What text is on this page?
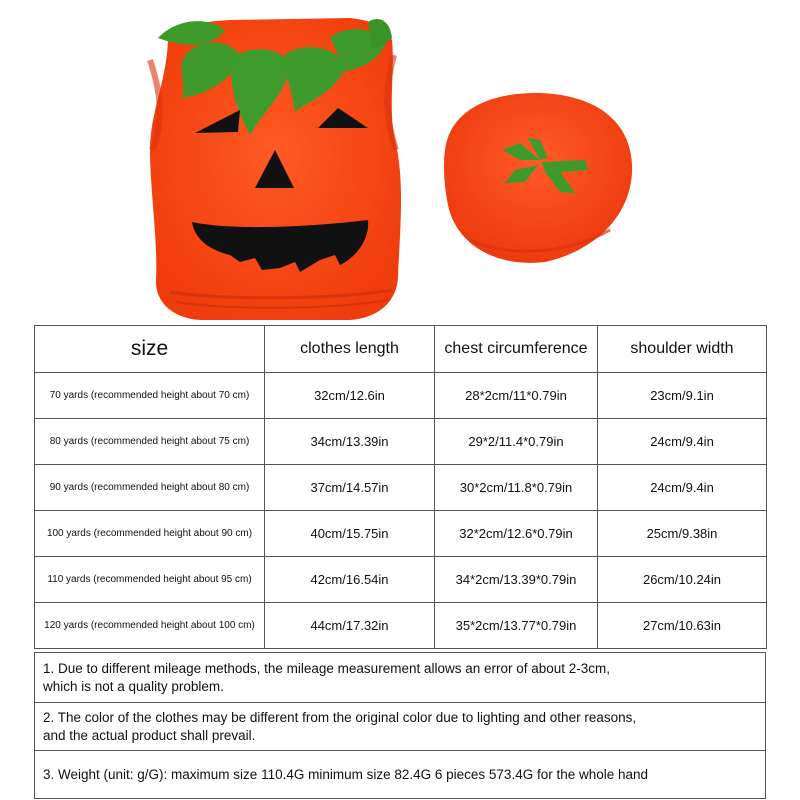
size	clothes length	chest circumference	shoulder width
70 yards (recommended height about 70 cm)	32cm/12.6in	28*2cm/11*0.79in	23cm/9.1in
80 yards (recommended height about 75 cm)	34cm/13.39in	29*2/11.4*0.79in	24cm/9.4in
90 yards (recommended height about 80 cm)	37cm/14.57in	30*2cm/11.8*0.79in	24cm/9.4in
100 yards (recommended height about 90 cm)	40cm/15.75in	32*2cm/12.6*0.79in	25cm/9.38in
110 yards (recommended height about 95 cm)	42cm/16.54in	34*2cm/13.39*0.79in	26cm/10.24in
120 yards (recommended height about 100 cm)	44cm/17.32in	35*2cm/13.77*0.79in	27cm/10.63in
1. Due to different mileage methods, the mileage measurement allows an error of about 2-3cm,
which is not a quality problem.
2. The color of the clothes may be different from the original color due to lighting and other reasons,
and the actual product shall prevail.
3. Weight (unit: g/G): maximum size 110.4G minimum size 82.4G 6 pieces 573.4G for the whole hand
